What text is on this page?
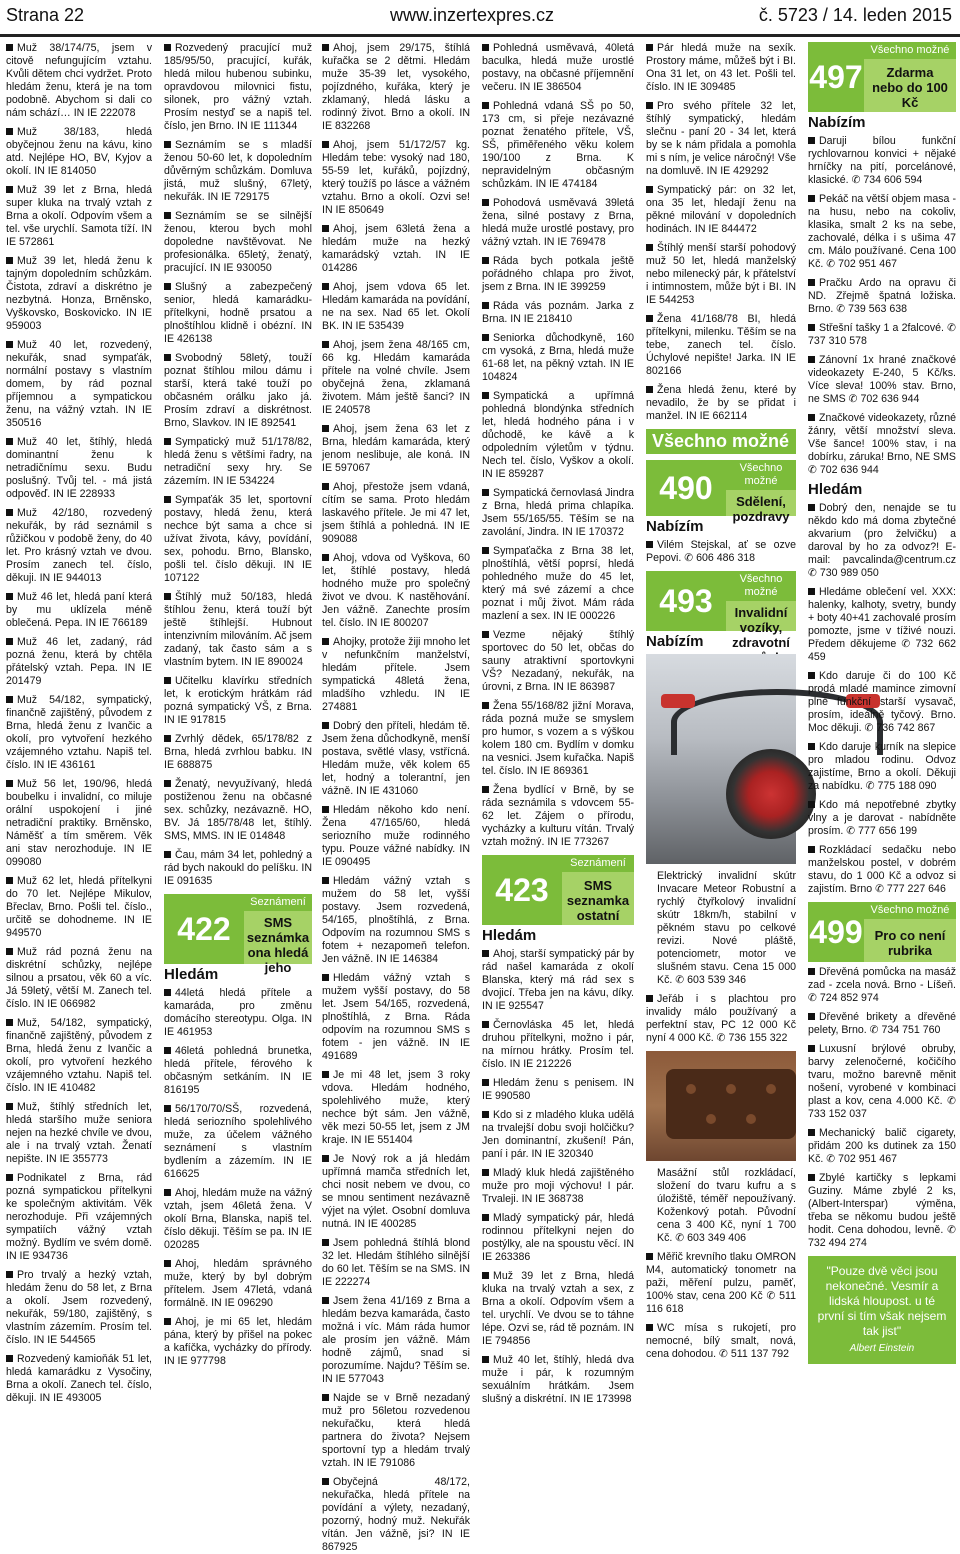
Strana 22	www.inzertexpres.cz	č. 5723 / 14. leden 2015
Muž 38/174/75, jsem v citově nefungujícím vztahu. Kvůli dětem chci vydržet. Proto hledám ženu, která je na tom podobně. Abychom si dali co nám schází… IN IE 222078
Muž 38/183, hledá obyčejnou ženu na kávu, kino atd. Nejlépe HO, BV, Kyjov a okolí. IN IE 814050
Muž 39 let z Brna, hledá super kluka na trvalý vztah z Brna a okolí. Odpovím všem a tel. vše urychlí. Samota tíží. IN IE 572861
Muž 39 let, hledá ženu k tajným dopoledním schůzkám. Čistota, zdraví a diskrétno je nezbytná. Honza, Brněnsko, Vyškovsko, Boskovicko. IN IE 959003
Muž 40 let, rozvedený, nekuřák, snad sympaťák, normální postavy s vlastním domem, by rád poznal příjemnou a sympatickou ženu, na vážný vztah. IN IE 350516
Muž 40 let, štíhlý, hledá dominantní ženu k netradičnímu sexu. Budu poslušný. Tvůj tel. - má jistá odpověď. IN IE 228933
Muž 42/180, rozvedený nekuřák, by rád seznámil s růžičkou v podobě ženy, do 40 let. Pro krásný vztah ve dvou. Prosím zanech tel. číslo, děkuji. IN IE 944013
Muž 46 let, hledá paní která by mu uklízela méně oblečená. Pepa. IN IE 766189
Muž 46 let, zadaný, rád pozná ženu, která by chtěla přátelský vztah. Pepa. IN IE 201479
Muž 54/182, sympatický, finančně zajištěný, původem z Brna, hledá ženu z Ivančic a okolí, pro vytvoření hezkého vzájemného vztahu. Napiš tel. číslo. IN IE 436161
Muž 56 let, 190/96, hledá boubelku i invalidní, co miluje orální uspokojení i jiné netradiční praktiky. Brněnsko, Náměšť a tím směrem. Věk ani stav nerozhoduje. IN IE 099080
Muž 62 let, hledá přítelkyni do 70 let. Nejlépe Mikulov, Břeclav, Brno. Pošli tel. číslo., určitě se dohodneme. IN IE 949570
Muž rád pozná ženu na diskrétní schůzky, nejlépe silnou a prsatou, věk 60 a víc. Já 59letý, větší M. Zanech tel. číslo. IN IE 066982
Muž, 54/182, sympatický, finančně zajištěný, původem z Brna, hledá ženu z Ivančic a okolí, pro vytvoření hezkého vzájemného vztahu. Napiš tel. číslo. IN IE 410482
Muž, štíhlý středních let, hledá staršího muže seniora nejen na hezké chvíle ve dvou, ale i na trvalý vztah. Ženatí nepište. IN IE 355773
Podnikatel z Brna, rád pozná sympatickou přítelkyni ke společným aktivitám. Věk nerozhoduje. Při vzájemných sympatiích vážný vztah možný. Bydlím ve svém domě. IN IE 934736
Pro trvalý a hezký vztah, hledám ženu do 58 let, z Brna a okolí. Jsem rozvedený, nekuřák, 59/180, zajištěný, s vlastním zázemím. Prosím tel. číslo. IN IE 544565
Rozvedený kamioňák 51 let, hledá kamarádku z Vysočiny, Brna a okolí. Zanech tel. číslo, děkuji. IN IE 493005
Rozvedený pracující muž 185/95/50, pracující, kuřák, hledá milou hubenou subinku, opravdovou milovnici fistu, silonek, pro vážný vztah. Prosím nestyď se a napiš tel. číslo, jen Brno. IN IE 111344
Seznámím se s mladší ženou 50-60 let, k dopoledním důvěrným schůzkám. Domluva jistá, muž slušný, 67letý, nekuřák. IN IE 729175
Seznámím se se silnější ženou, kterou bych mohl dopoledne navštěvovat. Ne profesionálka. 65letý, ženatý, pracující. IN IE 930050
Slušný a zabezpečený senior, hledá kamarádku-přítelkyni, hodně prsatou a plnoštíhlou klidně i obézní. IN IE 426138
Svobodný 58letý, touží poznat štíhlou milou dámu i starší, která také touží po občasném orálku jako já. Prosím zdraví a diskrétnost. Brno, Slavkov. IN IE 892541
Sympatický muž 51/178/82, hledá ženu s většími řadry, na netradiční sexy hry. Se zázemím. IN IE 534224
Sympaťák 35 let, sportovní postavy, hledá ženu, která nechce být sama a chce si užívat života, kávy, povídání, sex, pohodu. Brno, Blansko, pošli tel. číslo děkuji. IN IE 107122
Štíhlý muž 50/183, hledá štíhlou ženu, která touží být ještě štíhlejší. Hubnout intenzivním milováním. Ač jsem zadaný, tak často sám a s vlastním bytem. IN IE 890024
Učitelku klavírku středních let, k erotickým hrátkám rád pozná sympatický VŠ, z Brna. IN IE 917815
Zvrhlý dědek, 65/178/82 z Brna, hledá zvrhlou babku. IN IE 688875
Ženatý, nevyužívaný, hledá postiženou ženu na občasné sex. schůzky, nezávazně. HO, BV. Já 185/78/48 let, štíhlý. SMS, MMS. IN IE 014848
Čau, mám 34 let, pohledný a rád bych nakoukl do pelíšku. IN IE 091635
422
Seznámení
SMS seznámka
ona hledá jeho
Hledám
44letá hledá přítele a kamaráda, pro změnu domácího stereotypu. Olga. IN IE 461953
46letá pohledná brunetka, hledá přítele, férového k občasným setkáním. IN IE 816195
56/170/70/SŠ, rozvedená, hledá seriozního spolehlivého muže, za účelem vážného seznámení s vlastním bydlením a zázemím. IN IE 616625
Ahoj, hledám muže na vážný vztah, jsem 46letá žena. V okolí Brna, Blanska, napiš tel. číslo děkuji. Těším se pa. IN IE 020285
Ahoj, hledám správného muže, který by byl dobrým přítelem. Jsem 47letá, vdaná formálně. IN IE 096290
Ahoj, je mi 65 let, hledám pána, který by přišel na pokec a kafíčka, vycházky do přírody. IN IE 977798
Ahoj, jsem 29/175, štíhlá kuřačka se 2 dětmi. Hledám muže 35-39 let, vysokého, pojízdného, kuřáka, který je zklamaný, hledá lásku a rodinný život. Brno a okolí. IN IE 832268
Ahoj, jsem 51/172/57 kg. Hledám tebe: vysoký nad 180, 55-59 let, kuřáků, pojízdný, který toužíš po lásce a vážném vztahu. Brno a okolí. Ozvi se! IN IE 850649
Ahoj, jsem 63letá žena a hledám muže na hezký kamarádský vztah. IN IE 014286
Ahoj, jsem vdova 65 let. Hledám kamaráda na povídání, ne na sex. Nad 65 let. Okolí BK. IN IE 535439
Ahoj, jsem žena 48/165 cm, 66 kg. Hledám kamaráda přítele na volné chvíle. Jsem obyčejná žena, zklamaná životem. Mám ještě šanci? IN IE 240578
Ahoj, jsem žena 63 let z Brna, hledám kamaráda, který jenom neslibuje, ale koná. IN IE 597067
Ahoj, přestože jsem vdaná, cítím se sama. Proto hledám laskavého přítele. Je mi 47 let, jsem štíhlá a pohledná. IN IE 909088
Ahoj, vdova od Vyškova, 60 let, štíhlé postavy, hledá hodného muže pro společný život ve dvou. K nastěhování. Jen vážně. Zanechte prosím tel. číslo. IN IE 800207
Ahojky, protože žiji mnoho let v nefunkčním manželství, hledám přítele. Jsem sympatická 48letá žena, mladšího vzhledu. IN IE 274881
Dobrý den příteli, hledám tě. Jsem žena důchodkyně, menší postava, světlé vlasy, vstřícná. Hledám muže, věk kolem 65 let, hodný a tolerantní, jen vážně. IN IE 431060
Hledám někoho kdo není. Žena 47/165/60, hledá seriozního muže rodinného typu. Pouze vážné nabídky. IN IE 090495
Hledám vážný vztah s mužem do 58 let, vyšší postavy. Jsem rozvedená, 54/165, plnoštíhlá, z Brna. Odpovím na rozumnou SMS s fotem + nezapomeň telefon. Jen vážně. IN IE 146384
Hledám vážný vztah s mužem vyšší postavy, do 58 let. Jsem 54/165, rozvedená, plnoštíhlá, z Brna. Ráda odpovím na rozumnou SMS s fotem - jen vážně. IN IE 491689
Je mi 48 let, jsem 3 roky vdova. Hledám hodného, spolehlivého muže, který nechce být sám. Jen vážně, věk mezi 50-55 let, jsem z JM kraje. IN IE 551404
Je Nový rok a já hledám upřímná mamča středních let, chci nosit nebem ve dvou, co se mnou sentiment nezávazně výjet na výlet. Osobní domluva nutná. IN IE 400285
Jsem pohledná štíhlá blond 32 let. Hledám štíhlého silnější do 60 let. Těším se na SMS. IN IE 222274
Jsem žena 41/169 z Brna a hledám bezva kamaráda, často možná i víc. Mám ráda humor ale prosím jen vážně. Mám hodně zájmů, snad si porozumíme. Najdu? Těším se. IN IE 577043
Najde se v Brně nezadaný muž pro 56letou rozvedenou nekuřačku, která hledá partnera do života? Nejsem sportovní typ a hledám trvalý vztah. IN IE 791086
Obyčejná 48/172, nekuřačka, hledá přítele na povídání a výlety, nezadaný, pozorný, hodný muž. Nekuřák vítán. Jen vážně, jsi? IN IE 867925
Pohledná usměvavá, 40letá baculka, hledá muže urostlé postavy, na občasné příjemnění večeru. IN IE 386504
Pohledná vdaná SŠ po 50, 173 cm, si přeje nezávazné poznat ženatého přítele, VŠ, SŠ, přiměřeného věku kolem 190/100 z Brna. K nepravidelným občasným schůzkám. IN IE 474184
Pohodová usměvavá 39letá žena, silné postavy z Brna, hledá muže urostlé postavy, pro vážný vztah. IN IE 769478
Ráda bych potkala ještě pořádného chlapa pro život, jsem z Brna. IN IE 399259
Ráda vás poznám. Jarka z Brna. IN IE 218410
Seniorka důchodkyně, 160 cm vysoká, z Brna, hledá muže 61-68 let, na pěkný vztah. IN IE 104824
Sympatická a upřímná pohledná blondýnka středních let, hledá hodného pána i v důchodě, ke kávě a k odpoledním výletům v týdnu. Nech tel. číslo, Vyškov a okolí. IN IE 859287
Sympatická černovlasá Jindra z Brna, hledá prima chlapíka. Jsem 55/165/55. Těším se na zavolání, Jindra. IN IE 170372
Sympaťačka z Brna 38 let, plnoštíhlá, větší poprsí, hledá pohledného muže do 45 let, který má své zázemí a chce poznat i můj život. Mám ráda mazlení a sex. IN IE 000226
Vezme nějaký štíhlý sportovec do 50 let, občas do sauny atraktivní sportovkyni VŠ? Nezadaný, nekuřák, na úrovni, z Brna. IN IE 863987
Žena 55/168/82 jižní Morava, ráda pozná muže se smyslem pro humor, s vozem a s výškou kolem 180 cm. Bydlím v domku na vesnici. Jsem kuřačka. Napiš tel. číslo. IN IE 869361
Žena bydlící v Brně, by se ráda seznámila s vdovcem 55-62 let. Zájem o přírodu, vycházky a kulturu vítán. Trvalý vztah možný. IN IE 773267
423
Seznámení
SMS seznamka
ostatní
Hledám
Ahoj, starší sympatický pár by rád našel kamaráda z okolí Blanska, který má rád sex s dvojicí. Třeba jen na kávu, díky. IN IE 925547
Černovláska 45 let, hledá druhou přítelkyni, možno i pár, na mírnou hrátky. Prosím tel. číslo. IN IE 212226
Hledám ženu s penisem. IN IE 990580
Kdo si z mladého kluka udělá na trvalejší dobu svoji holčičku? Jen dominantní, zkušení! Pán, paní i pár. IN IE 320340
Mladý kluk hledá zajištěného muže pro moji výchovu! I pár. Trvaleji. IN IE 368738
Mladý sympatický pár, hledá rodinnou přítelkyni nejen do postýlky, ale na spoustu věcí. IN IE 263386
Muž 39 let z Brna, hledá kluka na trvalý vztah a sex, z Brna a okolí. Odpovím všem a tel. urychlí. Ve dvou se to táhne lépe. Ozvi se, rád tě poznám. IN IE 794856
Muž 40 let, štíhlý, hledá dva muže i pár, k rozumným sexuálním hrátkám. Jsem slušný a diskrétní. IN IE 173998
Pár hledá muže na sexík. Prostory máme, můžeš být i BI. Ona 31 let, on 43 let. Pošli tel. číslo. IN IE 309485
Pro svého přítele 32 let, štíhlý sympatický, hledám slečnu - paní 20 - 34 let, která by se k nám přidala a pomohla mi s ním, je velice náročný! Vše na domluvě. IN IE 429292
Sympatický pár: on 32 let, ona 35 let, hledají ženu na pěkné milování v dopoledních hodinách. IN IE 844472
Štíhlý menší starší pohodový muž 50 let, hledá manželský nebo milenecký pár, k přátelství i intimnostem, může být i BI. IN IE 544253
Žena 41/168/78 BI, hledá přítelkyni, milenku. Těším se na tebe, zanech tel. číslo. Úchylové nepište! Jarka. IN IE 802166
Žena hledá ženu, které by nevadilo, že by se přidat i manžel. IN IE 662114
Všechno možné
490
Všechno možné
Sdělení, pozdravy
Nabízím
Vilém Stejskal, ať se ozve Pepovi. ✆ 606 486 318
493
Všechno možné
Invalidní vozíky,
zdravotní
Nabízím
Elektrický invalidní skútr Invacare Meteor Robustní a rychlý čtyřkolový invalidní skútr 18km/h, stabilní v pěkném stavu po celkové revizi. Nové pláště, potenciometr, motor ve slušném stavu. Cena 15 000 Kč. ✆ 603 539 346
Jeřáb i s plachtou pro invalidy málo používaný a perfektní stav, PC 12 000 Kč nyní 4 000 Kč. ✆ 736 155 322
Masážní stůl rozkládací, složení do tvaru kufru a s úložiště, téměř nepoužívaný. Koženkový potah. Původní cena 3 400 Kč, nyní 1 700 Kč. ✆ 603 349 406
Měřič krevního tlaku OMRON M4, automatický tonometr na paži, měření pulzu, paměť, 100% stav, cena 200 Kč ✆ 511 116 618
WC mísa s rukojetí, pro nemocné, bílý smalt, nová, cena dohodou. ✆ 511 137 792
497
Všechno možné
Zdarma
nebo do 100 Kč
Nabízím
Daruji bílou funkční rychlovarnou konvici + nějaké hrníčky na pití, porcelánové, klasické. ✆ 734 606 594
Pekáč na větší objem masa - na husu, nebo na cokoliv, klasika, smalt 2 ks na sebe, zachovalé, délka i s ušima 47 cm. Málo používané. Cena 100 Kč. ✆ 702 951 467
Pračku Ardo na opravu či ND. Zřejmě špatná ložiska. Brno. ✆ 739 563 638
Střešní tašky 1 a 2falcové. ✆ 737 310 578
Zánovní 1x hrané značkové videokazety E-240, 5 Kč/ks. Více sleva! 100% stav. Brno, ne SMS ✆ 702 636 944
Značkové videokazety, různé žánry, větší množství sleva. Vše šance! 100% stav, i na dobírku, záruka! Brno, NE SMS ✆ 702 636 944
Hledám
Dobrý den, nenajde se tu někdo kdo má doma zbytečné akvarium (pro želvičku) a daroval by ho za odvoz?! E-mail: pavcalinda@centrum.cz ✆ 730 989 050
Hledáme oblečení vel. XXX: halenky, kalhoty, svetry, bundy + boty 40+41 zachovalé prosím pomozte, jsme v tíživé nouzi. Předem děkujeme ✆ 732 662 459
Kdo daruje či do 100 Kč prodá mladé mamince zimovní plně funkční starší vysavač, prosím, ideálně tyčový. Brno. Moc děkuji. ✆ 736 742 867
Kdo daruje kurník na slepice pro mladou rodinu. Odvoz zajistíme, Brno a okolí. Děkuji za nabídku. ✆ 775 188 090
Kdo má nepotřebné zbytky vlny a je darovat - nabídněte prosím. ✆ 777 656 199
Rozkládací sedačku nebo manželskou postel, v dobrém stavu, do 1 000 Kč a odvoz si zajistím. Brno ✆ 777 227 646
499
Všechno možné
Pro co není
rubrika
Dřevěná pomůcka na masáž zad - zcela nová. Brno - Líšeň. ✆ 724 852 974
Dřevěné brikety a dřevěné pelety, Brno. ✆ 734 751 760
Luxusní brýlové obruby, barvy zelenočerné, kočičího tvaru, možno barevně měnit nošení, vyrobené v kombinaci plast a kov, cena 4.000 Kč. ✆ 733 152 037
Mechanický balič cigarety, přidám 200 ks dutinek za 150 Kč. ✆ 702 951 467
Zbylé kartičky s lepkami Guziny. Máme zbylé 2 ks, (Albert-Interspar) výměna, třeba se někomu budou ještě hodit. Cena dohodou, levně. ✆ 732 494 274
"Pouze dvě věci jsou nekonečné. Vesmír a lidská hloupost. u té první si tím však nejsem tak jist"
Albert Einstein
